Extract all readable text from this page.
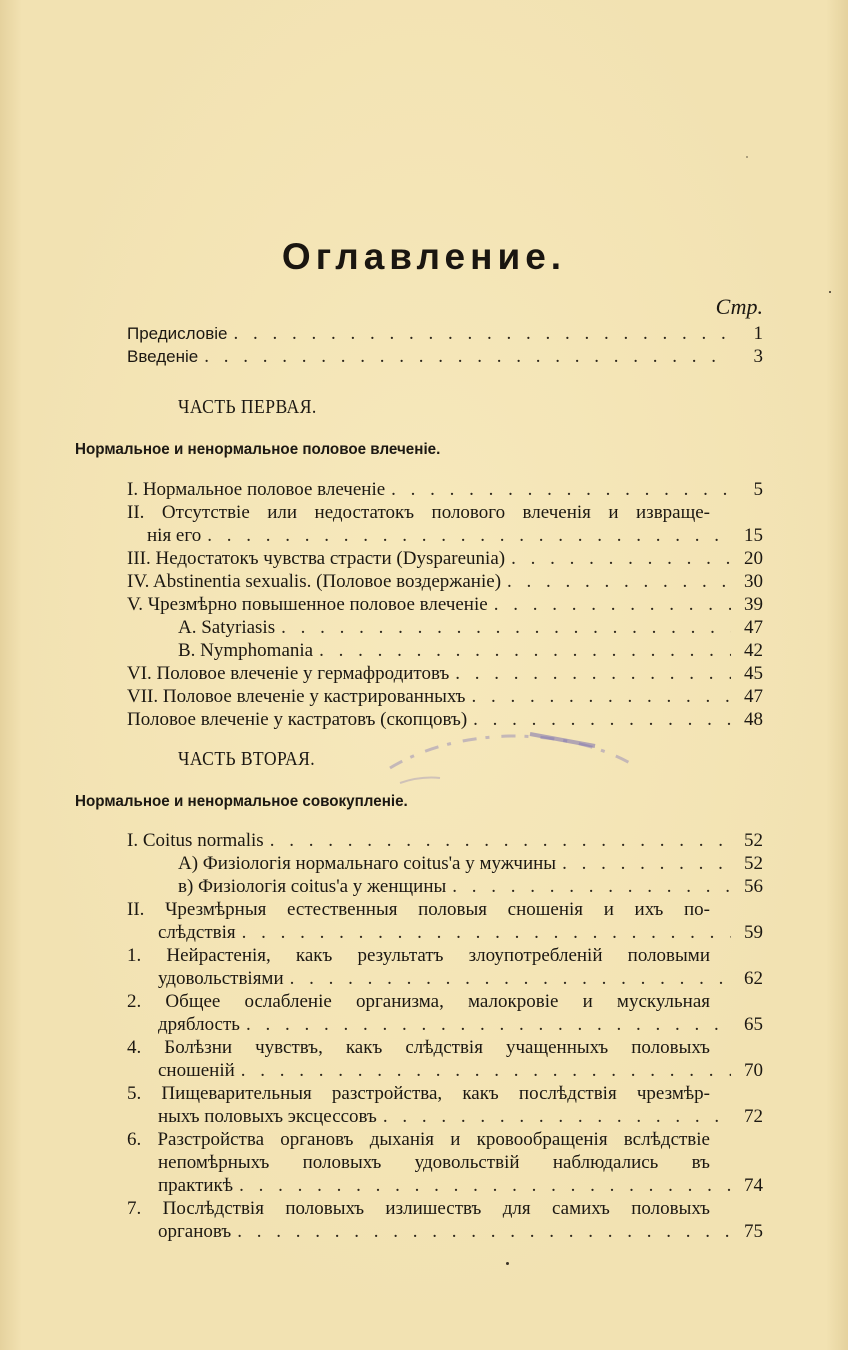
Оглавление.
Стр.
Предисловіе . . .	1
Введеніе . . .	3
ЧАСТЬ ПЕРВАЯ.
Нормальное и ненормальное половое влеченіе.
I. Нормальное половое влеченіе . . .	5
II. Отсутствіе или недостатокъ полового влеченія и извраще-
нія его . . .	15
III. Недостатокъ чувства страсти (Dyspareunia) . . .	20
IV. Abstinentia sexualis. (Половое воздержаніе) . . .	30
V. Чрезмѣрно повышенное половое влеченіе . . .	39
A. Satyriasis . . .	47
B. Nymphomania . . .	42
VI. Половое влеченіе у гермафродитовъ . . .	45
VII. Половое влеченіе у кастрированныхъ . . .	47
Половое влеченіе у кастратовъ (скопцовъ) . . .	48
ЧАСТЬ ВТОРАЯ.
Нормальное и ненормальное совокупленіе.
I. Coitus normalis . . .	52
A) Физіологія нормальнаго coitus'a у мужчины . . .	52
в) Физіологія coitus'a у женщины . . .	56
II. Чрезмѣрныя естественныя половыя сношенія и ихъ по-
слѣдствія . . .	59
1. Нейрастенія, какъ результатъ злоупотребленій половыми
удовольствіями . . .	62
2. Общее ослабленіе организма, малокровіе и мускульная
дряблость . . .	65
4. Болѣзни чувствъ, какъ слѣдствія учащенныхъ половыхъ
сношеній . . .	70
5. Пищеварительныя разстройства, какъ послѣдствія чрезмѣр-
ныхъ половыхъ эксцессовъ . . .	72
6. Разстройства органовъ дыханія и кровообращенія вслѣдствіе
непомѣрныхъ половыхъ удовольствій наблюдались въ
практикѣ . . .	74
7. Послѣдствія половыхъ излишествъ для самихъ половыхъ
органовъ . . .	75
